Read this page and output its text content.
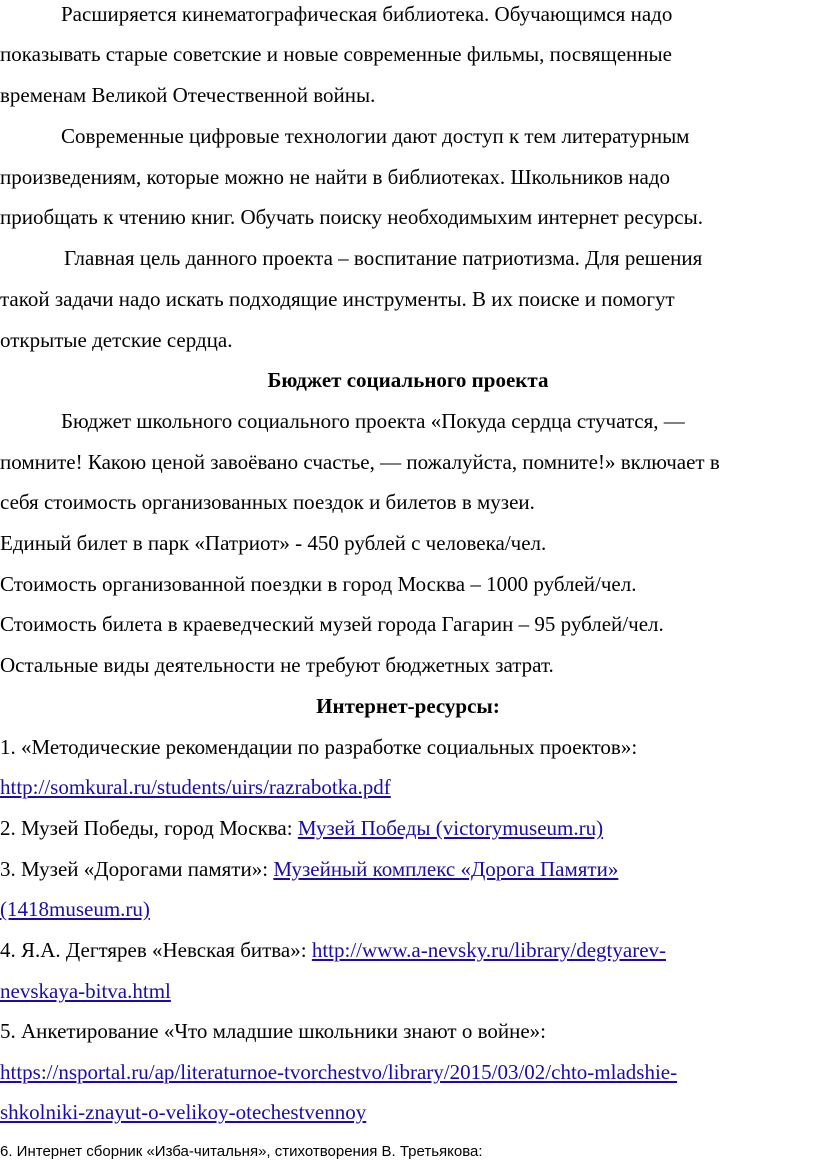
Расширяется кинематографическая библиотека. Обучающимся надо

показывать старые советские и новые современные фильмы, посвященные

временам Великой Отечественной войны.

Современные цифровые технологии дают доступ к тем литературным

произведениям, которые можно не найти в библиотеках. Школьников надо

приобщать к чтению книг. Обучать поиску необходимыхим интернет ресурсы.

Главная цель данного проекта – воспитание патриотизма. Для решения

такой задачи надо искать подходящие инструменты. В их поиске и помогут

открытые детские сердца.

Бюджет социального проекта

Бюджет школьного социального проекта «Покуда сердца стучатся, —

помните! Какою ценой завоёвано счастье, — пожалуйста, помните!» включает в

себя стоимость организованных поездок и билетов в музеи.

Единый билет в парк «Патриот» - 450 рублей с человека/чел.

Стоимость организованной поездки в город Москва – 1000 рублей/чел.

Стоимость билета в краеведческий музей города Гагарин – 95 рублей/чел.

Остальные виды деятельности не требуют бюджетных затрат.

Интернет-ресурсы:

1. «Методические рекомендации по разработке социальных проектов»:

http://somkural.ru/students/uirs/razrabotka.pdf

2. Музей Победы, город Москва: Музей Победы (victorymuseum.ru)

3. Музей «Дорогами памяти»: Музейный комплекс «Дорога Памяти»

(1418museum.ru)

4. Я.А. Дегтярев «Невская битва»: http://www.a-nevsky.ru/library/degtyarev-

nevskaya-bitva.html

5. Анкетирование «Что младшие школьники знают о войне»:

https://nsportal.ru/ap/literaturnoe-tvorchestvo/library/2015/03/02/chto-mladshie-

shkolniki-znayut-o-velikoy-otechestvennoy

6. Интернет сборник «Изба-читальня», стихотворения В. Третьякова:
